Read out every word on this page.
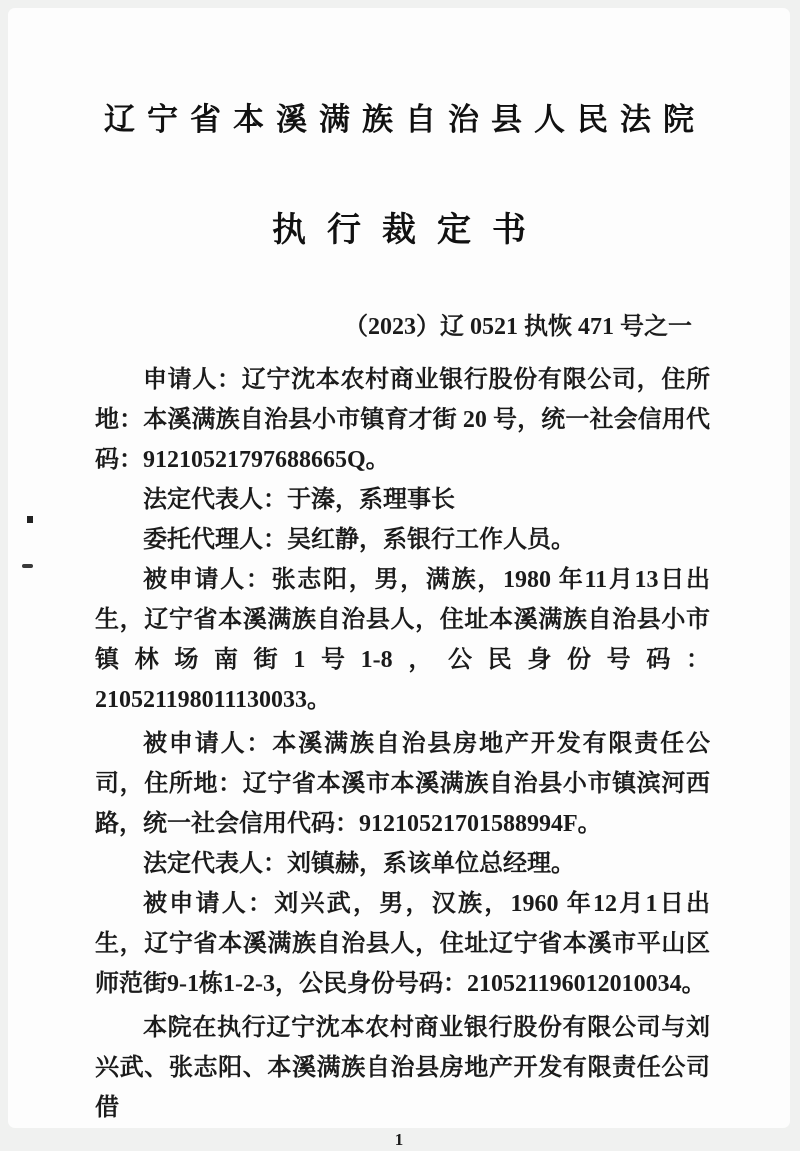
辽宁省本溪满族自治县人民法院
执行裁定书
（2023）辽 0521 执恢 471 号之一

申请人：辽宁沈本农村商业银行股份有限公司，住所地：本溪满族自治县小市镇育才街 20 号，统一社会信用代码：91210521797688665Q。

法定代表人：于溱，系理事长

委托代理人：吴红静，系银行工作人员。

被申请人：张志阳，男，满族，1980 年11月13日出生，辽宁省本溪满族自治县人，住址本溪满族自治县小市镇林场南街1号1-8，公民身份号码：210521198011130033。

被申请人：本溪满族自治县房地产开发有限责任公司，住所地：辽宁省本溪市本溪满族自治县小市镇滨河西路，统一社会信用代码：91210521701588994F。

法定代表人：刘镇赫，系该单位总经理。

被申请人：刘兴武，男，汉族，1960 年12月1日出生，辽宁省本溪满族自治县人，住址辽宁省本溪市平山区师范街9-1栋1-2-3，公民身份号码：210521196012010034。

本院在执行辽宁沈本农村商业银行股份有限公司与刘兴武、张志阳、本溪满族自治县房地产开发有限责任公司借

1
